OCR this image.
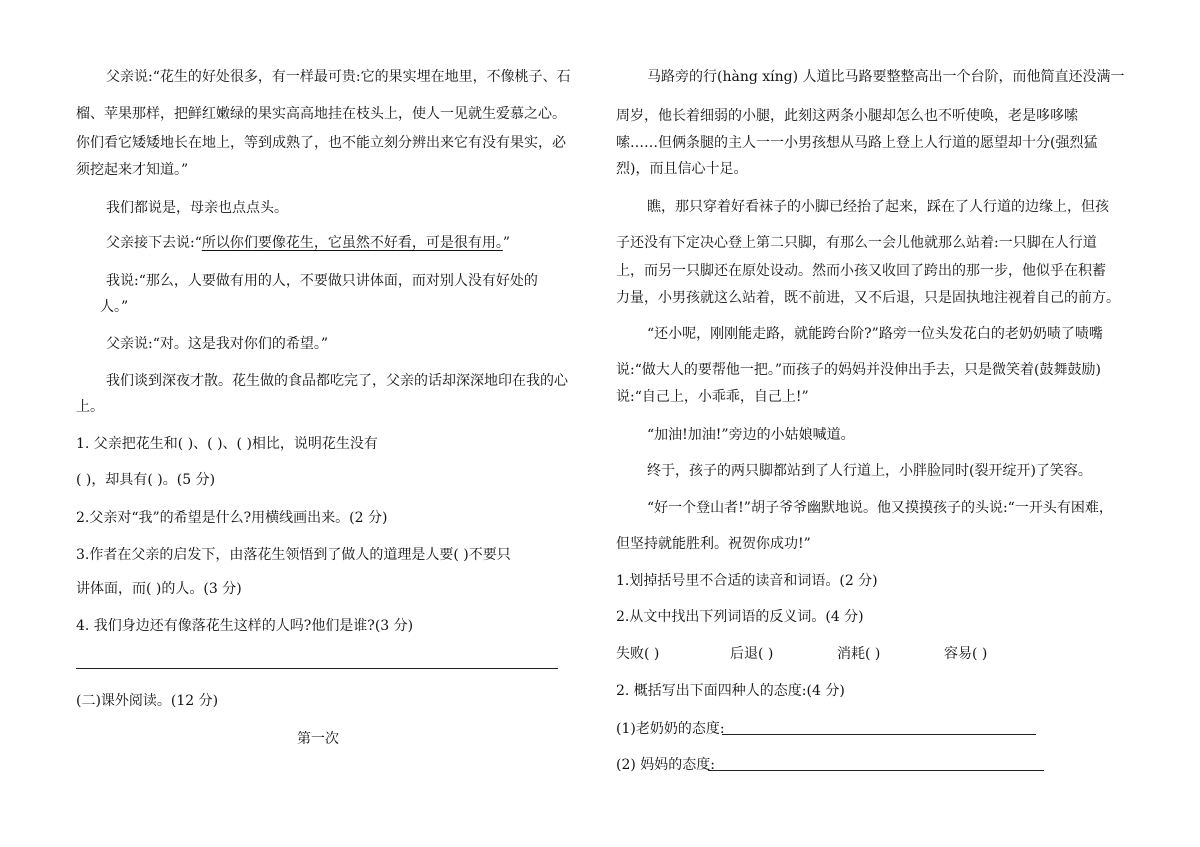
父亲说:“花生的好处很多，有一样最可贵:它的果实埋在地里，不像桃子、石
榴、苹果那样，把鲜红嫩绿的果实高高地挂在枝头上，使人一见就生爱慕之心。
你们看它矮矮地长在地上，等到成熟了，也不能立刻分辨出来它有没有果实，必
须挖起来才知道。”
我们都说是，母亲也点点头。
父亲接下去说:“所以你们要像花生，它虽然不好看，可是很有用。”
我说:“那么，人要做有用的人，不要做只讲体面，而对别人没有好处的
人。”
父亲说:“对。这是我对你们的希望。”
我们谈到深夜才散。花生做的食品都吃完了，父亲的话却深深地印在我的心
上。
1. 父亲把花生和( )、( )、( )相比，说明花生没有
( )，却具有( )。(5 分)
2.父亲对“我”的希望是什么?用横线画出来。(2 分)
3.作者在父亲的启发下，由落花生领悟到了做人的道理是人要( )不要只
讲体面，而( )的人。(3 分)
4. 我们身边还有像落花生这样的人吗?他们是谁?(3 分)
(二)课外阅读。(12 分)
第一次
马路旁的行(hàng xíng) 人道比马路要整整高出一个台阶，而他简直还没满一
周岁，他长着细弱的小腿，此刻这两条小腿却怎么也不听使唤，老是哆哆嗦
嗦……但俩条腿的主人一一小男孩想从马路上登上人行道的愿望却十分(强烈猛
烈)，而且信心十足。
瞧，那只穿着好看袜子的小脚已经抬了起来，踩在了人行道的边缘上，但孩
子还没有下定决心登上第二只脚，有那么一会儿他就那么站着:一只脚在人行道
上，而另一只脚还在原处设动。然而小孩又收回了跨出的那一步，他似乎在积蓄
力量，小男孩就这么站着，既不前进，又不后退，只是固执地注视着自己的前方。
“还小呢，刚刚能走路，就能跨台阶?”路旁一位头发花白的老奶奶啧了啧嘴
说:“做大人的要帮他一把。”而孩子的妈妈并没伸出手去，只是微笑着(鼓舞鼓励)
说:“自己上，小乖乖，自己上!”
“加油!加油!”旁边的小姑娘喊道。
终于，孩子的两只脚都站到了人行道上，小胖脸同时(裂开绽开)了笑容。
“好一个登山者!”胡子爷爷幽默地说。他又摸摸孩子的头说:“一开头有困难，
但坚持就能胜利。祝贺你成功!”
1.划掉括号里不合适的读音和词语。(2 分)
2.从文中找出下列词语的反义词。(4 分)
失败( )	后退( )	消耗( )	容易( )
2. 概括写出下面四种人的态度:(4 分)
(1)老奶奶的态度:
(2) 妈妈的态度:
